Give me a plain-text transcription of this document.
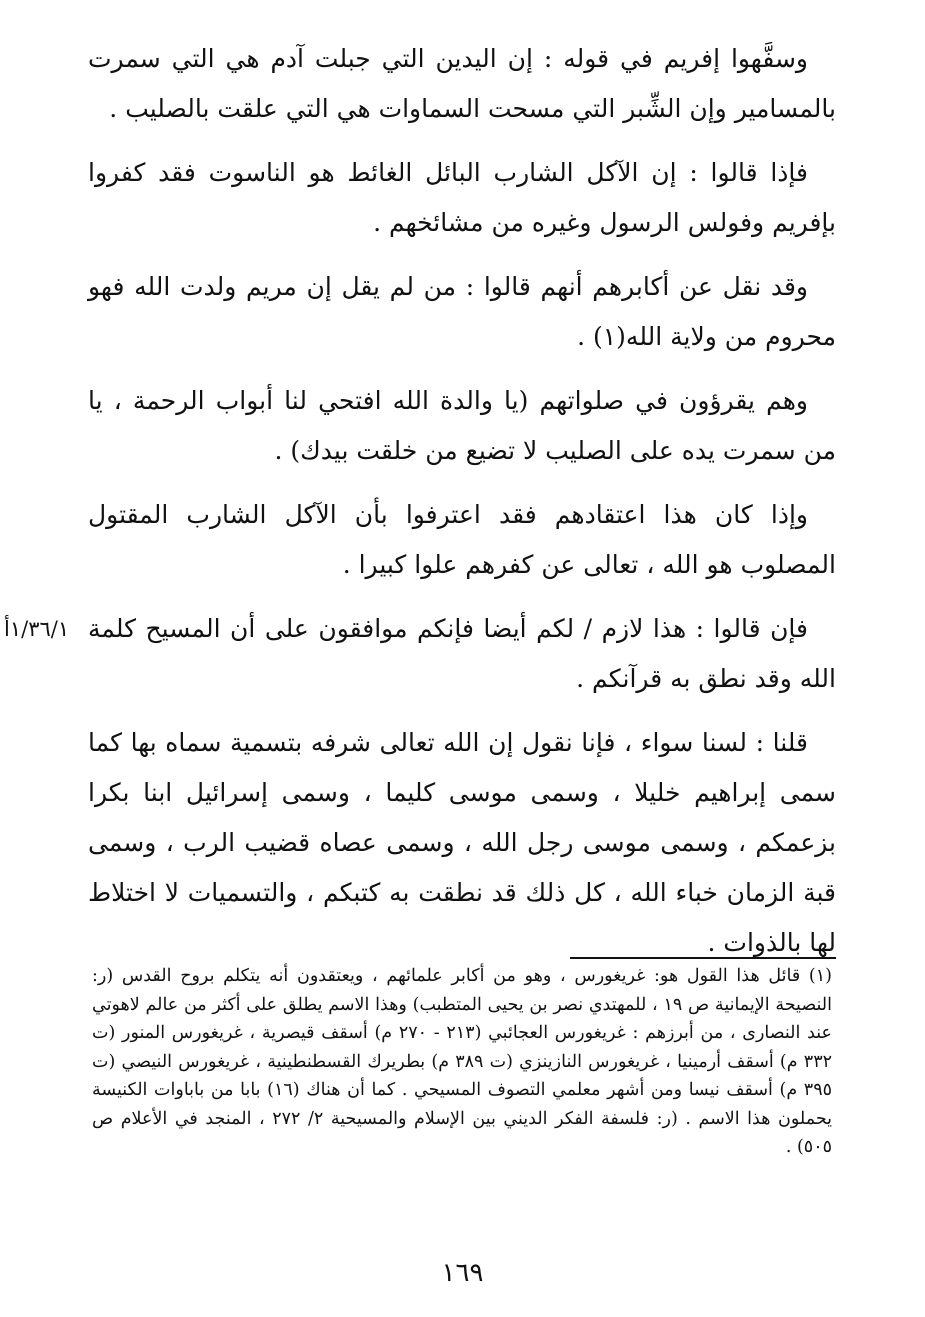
وسفَّهوا إفريم في قوله : إن اليدين التي جبلت آدم هي التي سمرت بالمسامير وإن الشِّبر التي مسحت السماوات هي التي علقت بالصليب .

فإذا قالوا : إن الآكل الشارب البائل الغائط هو الناسوت فقد كفروا بإفريم وفولس الرسول وغيره من مشائخهم .

وقد نقل عن أكابرهم أنهم قالوا : من لم يقل إن مريم ولدت الله فهو محروم من ولاية الله(١) .

وهم يقرؤون في صلواتهم (يا والدة الله افتحي لنا أبواب الرحمة ، يا من سمرت يده على الصليب لا تضيع من خلقت بيدك) .

وإذا كان هذا اعتقادهم فقد اعترفوا بأن الآكل الشارب المقتول المصلوب هو الله ، تعالى عن كفرهم علوا كبيرا .

فإن قالوا : هذا لازم / لكم أيضا فإنكم موافقون على أن المسيح كلمة الله وقد نطق به قرآنكم .

قلنا : لسنا سواء ، فإنا نقول إن الله تعالى شرفه بتسمية سماه بها كما سمى إبراهيم خليلا ، وسمى موسى كليما ، وسمى إسرائيل ابنا بكرا بزعمكم ، وسمى موسى رجل الله ، وسمى عصاه قضيب الرب ، وسمى قبة الزمان خباء الله ، كل ذلك قد نطقت به كتبكم ، والتسميات لا اختلاط لها بالذوات .

١/٣٦/١أ

(١) قائل هذا القول هو: غريغورس ، وهو من أكابر علمائهم ، ويعتقدون أنه يتكلم بروح القدس (ر: النصيحة الإيمانية ص ١٩ ، للمهتدي نصر بن يحيى المتطبب) وهذا الاسم يطلق على أكثر من عالم لاهوتي عند النصارى ، من أبرزهم : غريغورس العجائبي (٢١٣ - ٢٧٠ م) أسقف قيصرية ، غريغورس المنور (ت ٣٣٢ م) أسقف أرمينيا ، غريغورس النازينزي (ت ٣٨٩ م) بطريرك القسطنطينية ، غريغورس النيصي (ت ٣٩٥ م) أسقف نيسا ومن أشهر معلمي التصوف المسيحي . كما أن هناك (١٦) بابا من باباوات الكنيسة يحملون هذا الاسم . (ر: فلسفة الفكر الديني بين الإسلام والمسيحية ٢/ ٢٧٢ ، المنجد في الأعلام ص ٥٠٥) .

١٦٩
